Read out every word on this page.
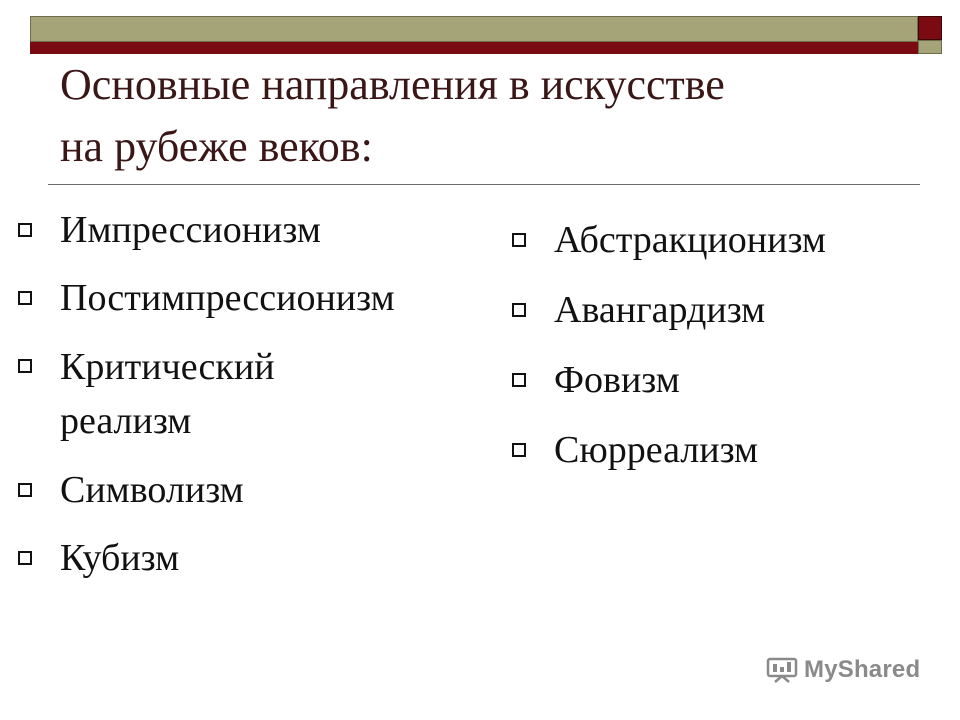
Основные направления в искусстве
на рубеже веков:
Импрессионизм
Постимпрессионизм
Критический реализм
Символизм
Кубизм
Абстракционизм
Авангардизм
Фовизм
Сюрреализм
MyShared
